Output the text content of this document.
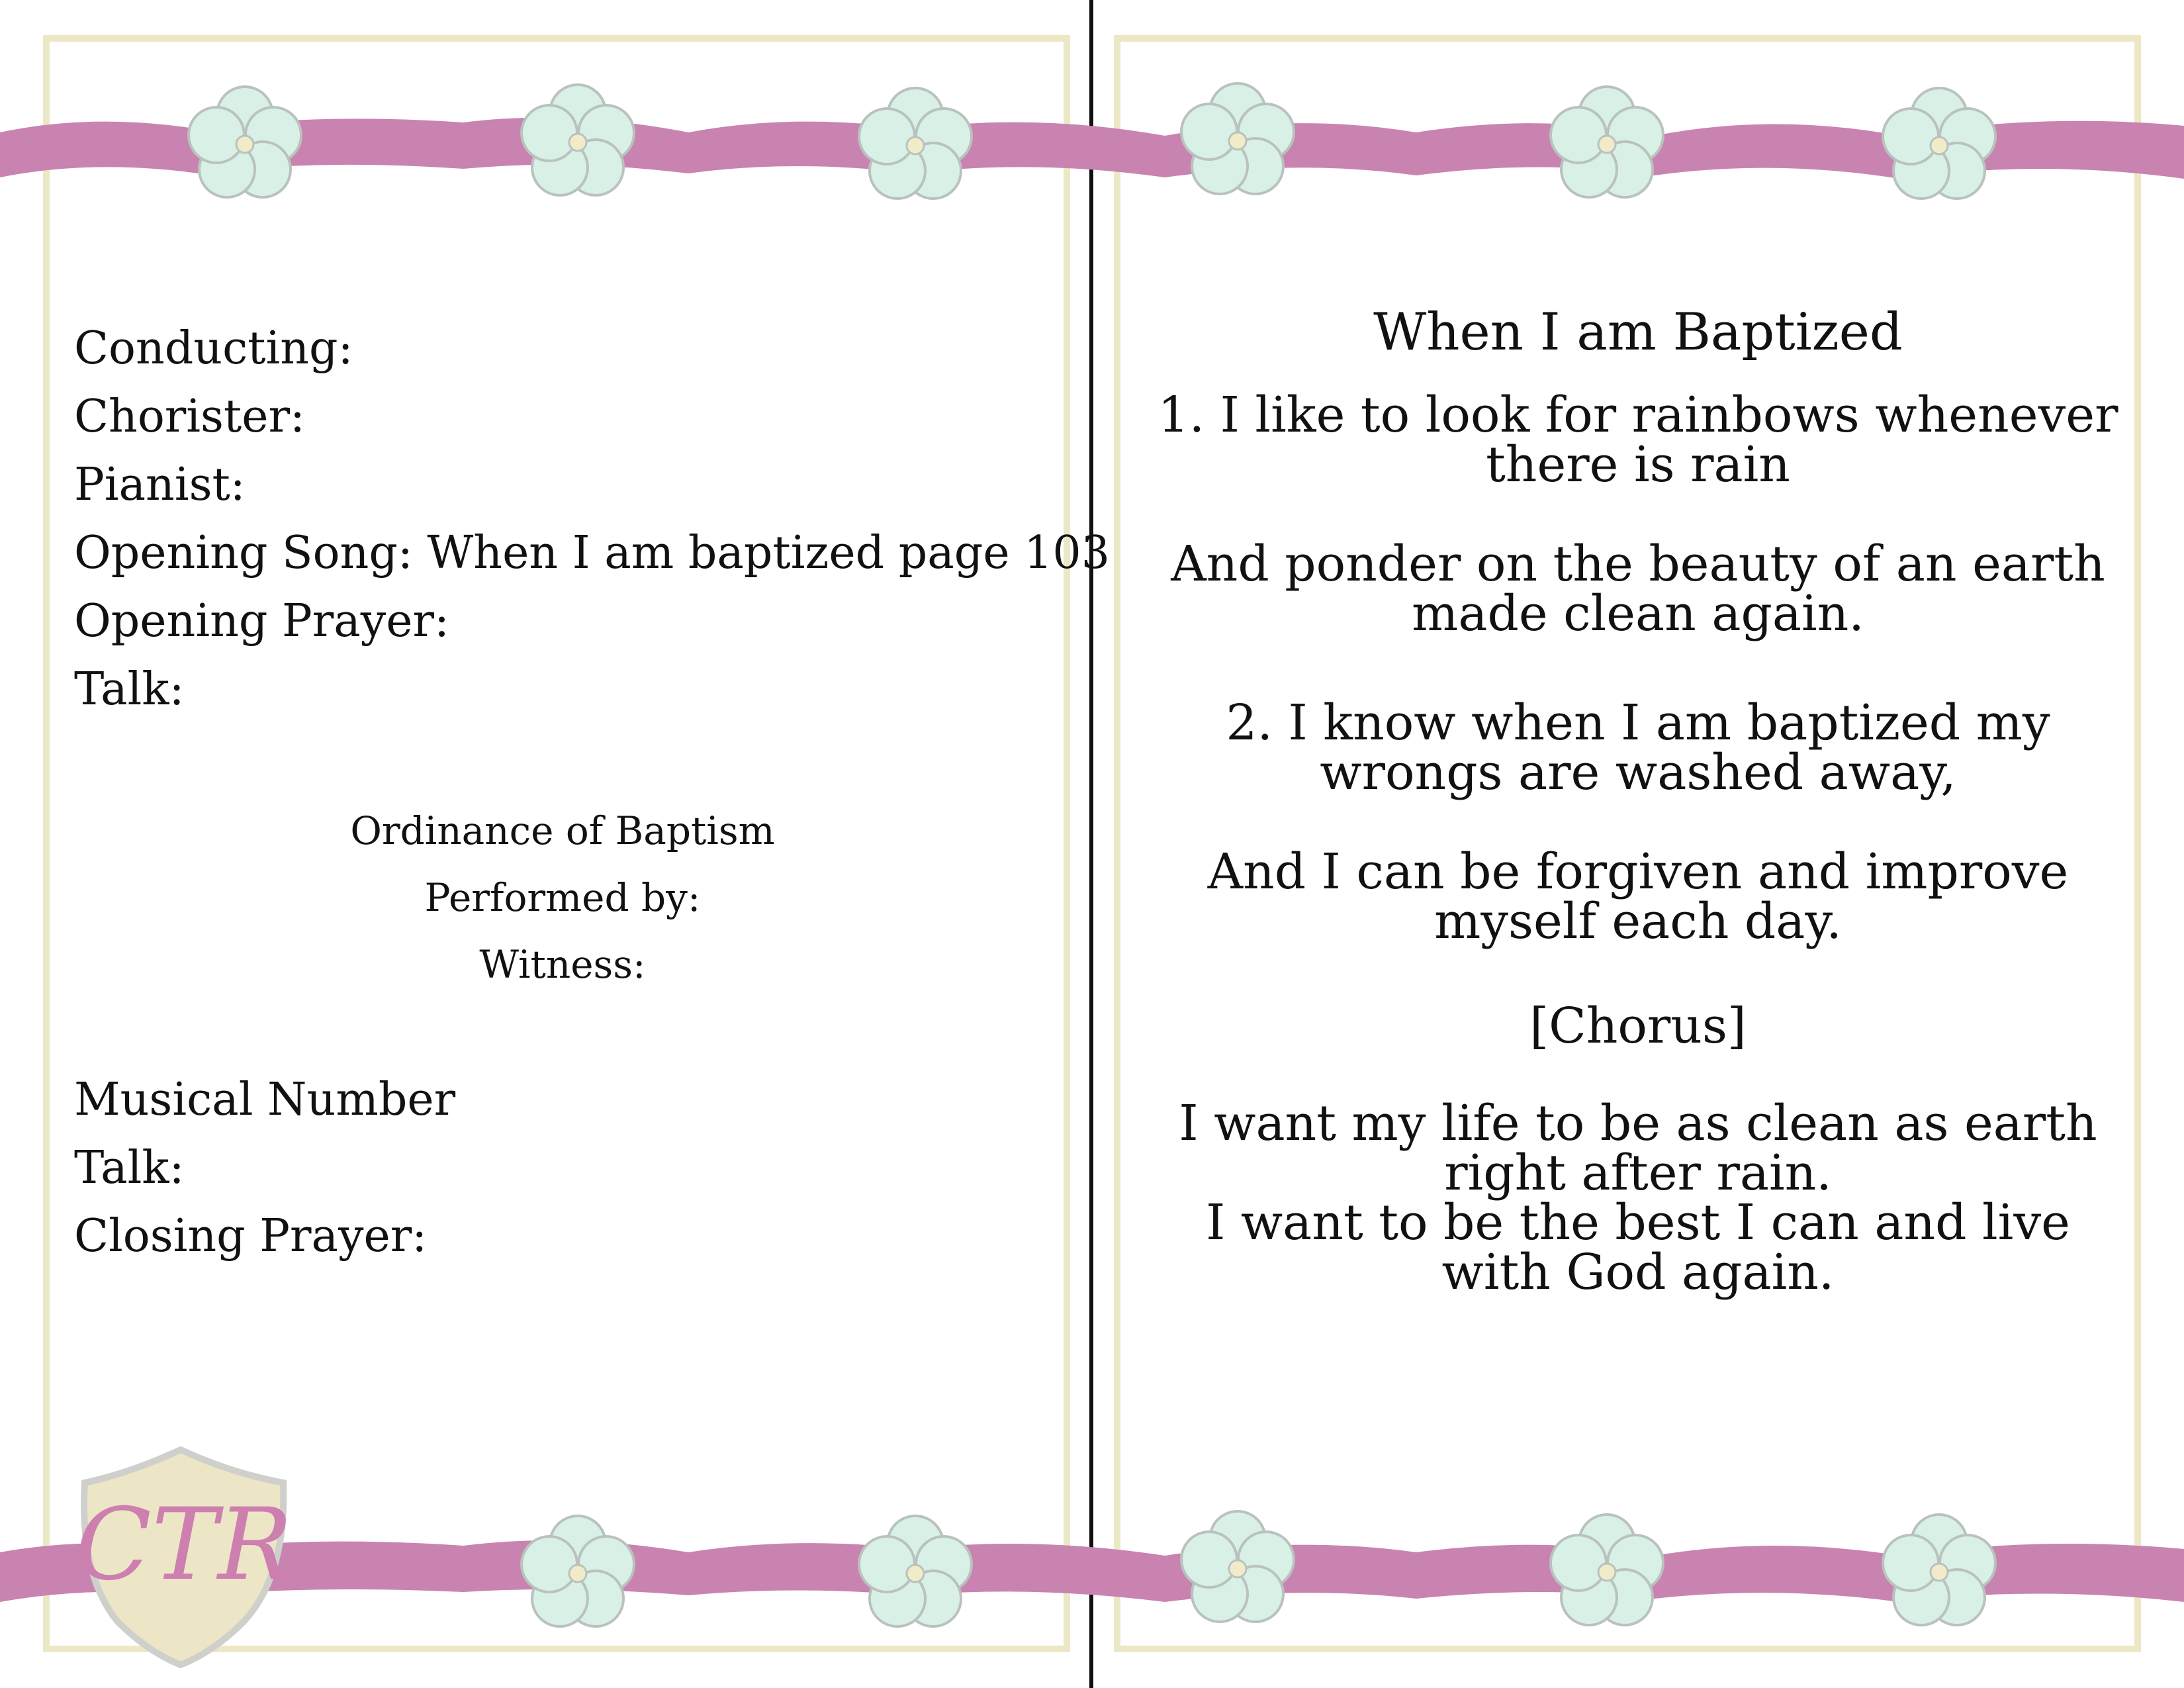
Conducting:
Chorister:
Pianist:
Opening Song: When I am baptized page 103
Opening Prayer:
Talk:
Ordinance of Baptism
Performed by:
Witness:
Musical Number
Talk:
Closing Prayer:
CTR
When I am Baptized
1. I like to look for rainbows whenever there is rain
And ponder on the beauty of an earth made clean again.
2. I know when I am baptized my wrongs are washed away,
And I can be forgiven and improve myself each day.
[Chorus]
I want my life to be as clean as earth right after rain.
I want to be the best I can and live with God again.
